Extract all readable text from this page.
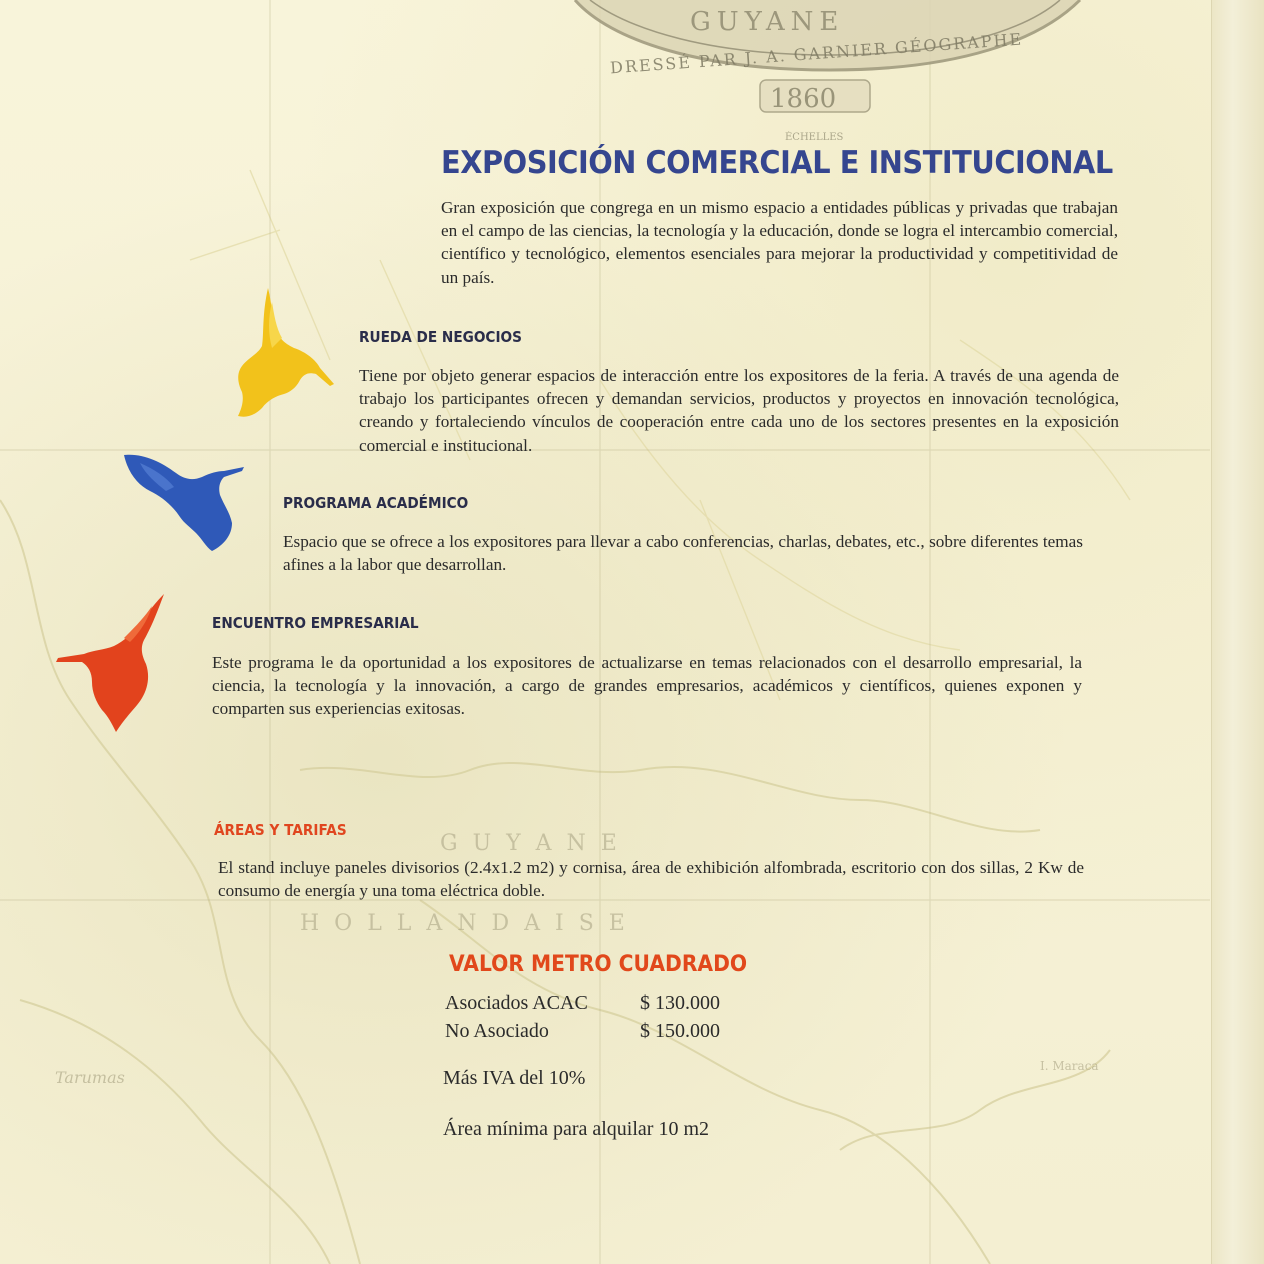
GUYANE
DRESSÉ PAR J. A. GARNIER GÉOGRAPHE
1860
ÉCHELLES
G U Y A N E
H O L L A N D A I S E
Tarumas
I. Maraca
EXPOSICIÓN COMERCIAL E INSTITUCIONAL

Gran exposición que congrega en un mismo espacio a entidades públicas y privadas que trabajan en el campo de las ciencias, la tecnología y la educación, donde se logra el intercambio comercial, científico y tecnológico, elementos esenciales para mejorar la productividad y competitividad de un país.

RUEDA DE NEGOCIOS

Tiene por objeto generar espacios de interacción entre los expositores de la feria. A través de una agenda de trabajo los participantes ofrecen y demandan servicios, productos y proyectos en innovación tecnológica, creando y fortaleciendo vínculos de cooperación entre cada uno de los sectores presentes en la exposición comercial e institucional.

PROGRAMA ACADÉMICO

Espacio que se ofrece a los expositores para llevar a cabo conferencias, charlas, debates, etc., sobre diferentes temas afines a la labor que desarrollan.

ENCUENTRO EMPRESARIAL

Este programa le da oportunidad a los expositores de actualizarse en temas relacionados con el desarrollo empresarial, la ciencia, la tecnología y la innovación, a cargo de grandes empresarios, académicos y científicos, quienes exponen y comparten sus experiencias exitosas.

ÁREAS Y TARIFAS

El stand incluye paneles divisorios (2.4x1.2 m2) y cornisa, área de exhibición alfombrada, escritorio con dos sillas, 2 Kw de consumo de energía y una toma eléctrica doble.

VALOR METRO CUADRADO
Asociados ACAC	$ 130.000
No Asociado	$ 150.000

Más IVA del 10%

Área mínima para alquilar 10 m2
